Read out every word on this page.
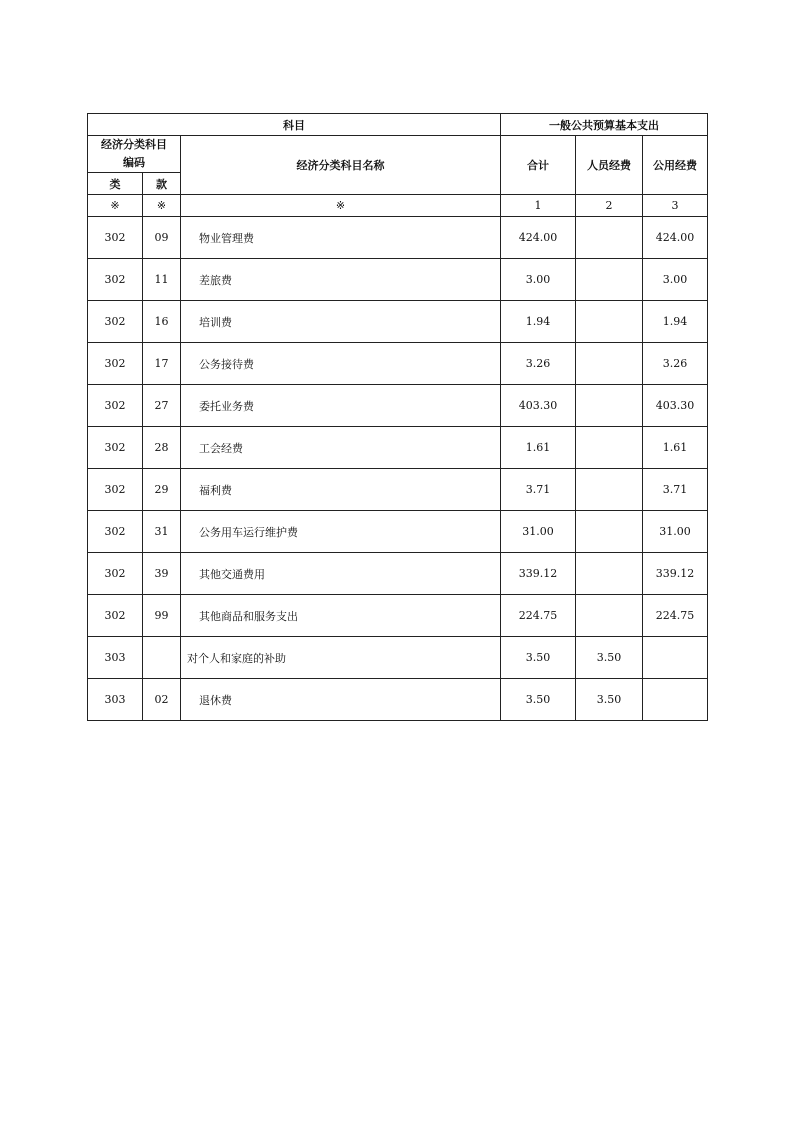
科目			一般公共预算基本支出		

经济分类科目
编码		经济分类科目名称	合计	人员经费	公用经费

类	款				
※	※	※	1	2	3
302	09	物业管理费	424.00		424.00
302	11	差旅费	3.00		3.00
302	16	培训费	1.94		1.94
302	17	公务接待费	3.26		3.26
302	27	委托业务费	403.30		403.30
302	28	工会经费	1.61		1.61
302	29	福利费	3.71		3.71
302	31	公务用车运行维护费	31.00		31.00
302	39	其他交通费用	339.12		339.12
302	99	其他商品和服务支出	224.75		224.75
303		对个人和家庭的补助	3.50	3.50	
303	02	退休费	3.50	3.50	
